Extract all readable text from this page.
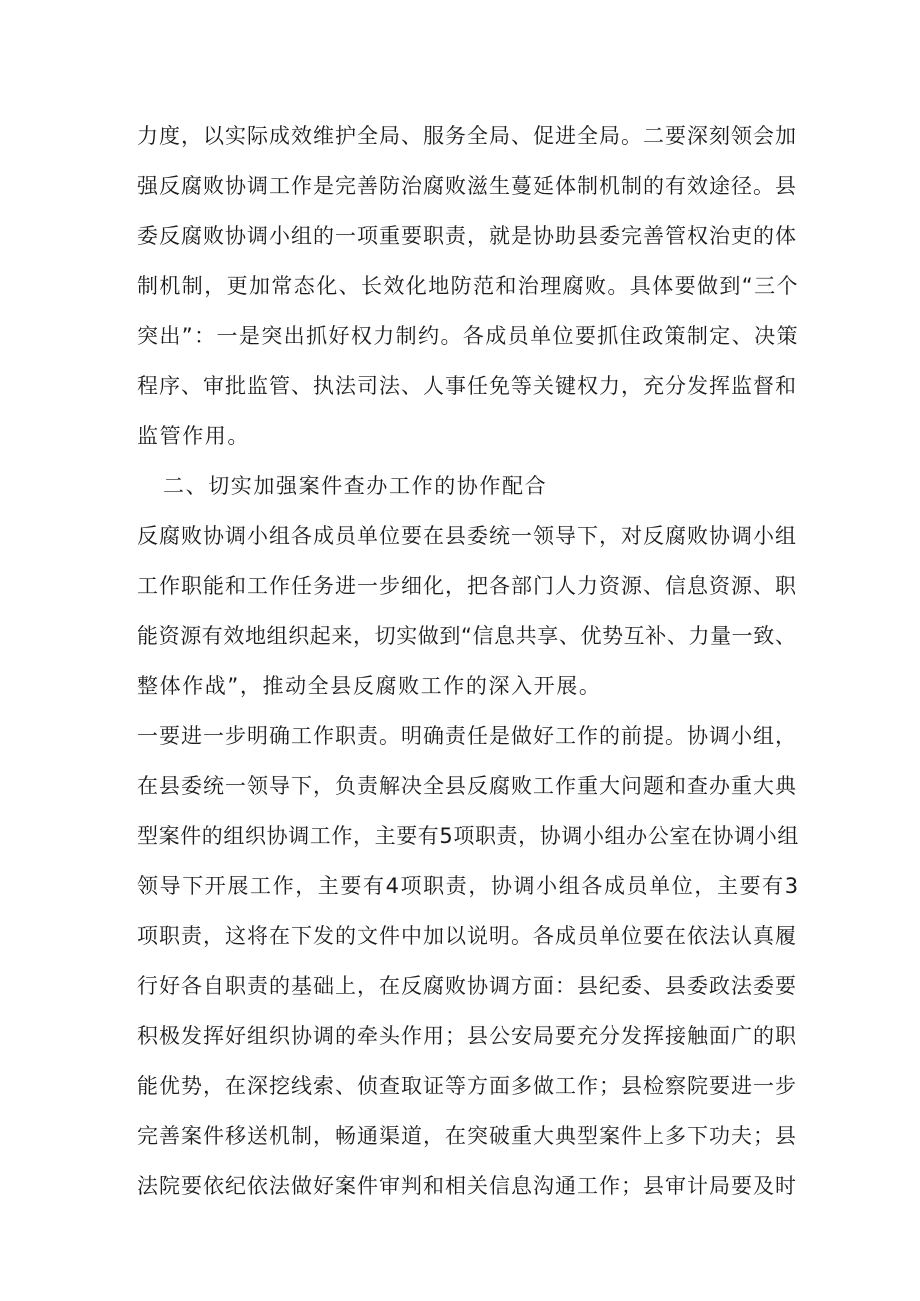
力度，以实际成效维护全局、服务全局、促进全局。二要深刻领会加
强反腐败协调工作是完善防治腐败滋生蔓延体制机制的有效途径。县
委反腐败协调小组的一项重要职责，就是协助县委完善管权治吏的体
制机制，更加常态化、长效化地防范和治理腐败。具体要做到“三个
突出”：一是突出抓好权力制约。各成员单位要抓住政策制定、决策
程序、审批监管、执法司法、人事任免等关键权力，充分发挥监督和
监管作用。
二、切实加强案件查办工作的协作配合
反腐败协调小组各成员单位要在县委统一领导下，对反腐败协调小组
工作职能和工作任务进一步细化，把各部门人力资源、信息资源、职
能资源有效地组织起来，切实做到“信息共享、优势互补、力量一致、
整体作战”，推动全县反腐败工作的深入开展。
一要进一步明确工作职责。明确责任是做好工作的前提。协调小组，
在县委统一领导下，负责解决全县反腐败工作重大问题和查办重大典
型案件的组织协调工作，主要有5项职责，协调小组办公室在协调小组
领导下开展工作，主要有4项职责，协调小组各成员单位，主要有3
项职责，这将在下发的文件中加以说明。各成员单位要在依法认真履
行好各自职责的基础上，在反腐败协调方面：县纪委、县委政法委要
积极发挥好组织协调的牵头作用；县公安局要充分发挥接触面广的职
能优势，在深挖线索、侦查取证等方面多做工作；县检察院要进一步
完善案件移送机制，畅通渠道，在突破重大典型案件上多下功夫；县
法院要依纪依法做好案件审判和相关信息沟通工作；县审计局要及时
